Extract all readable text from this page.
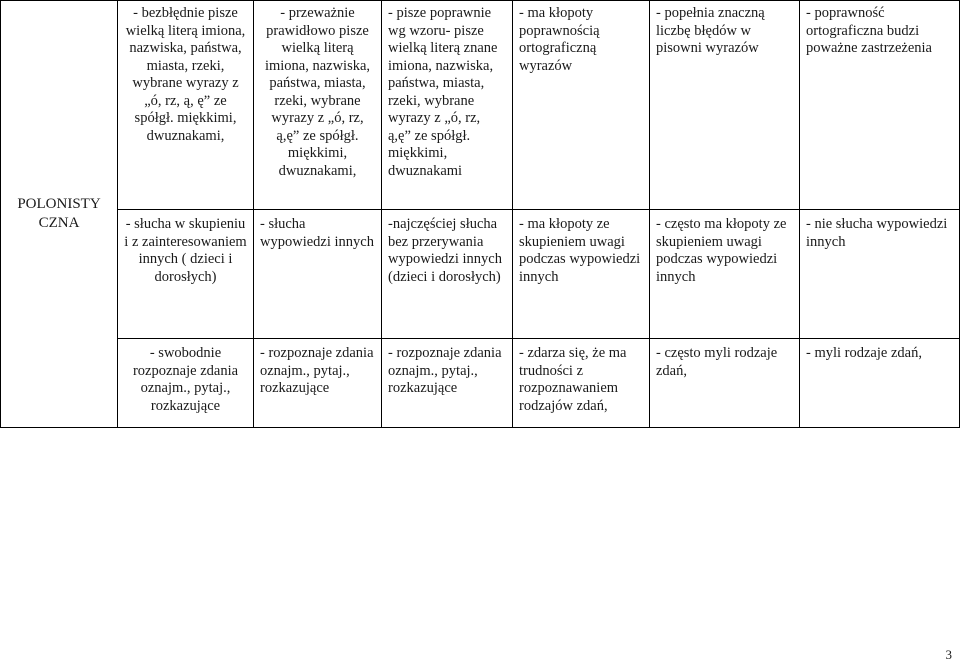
POLONISTY CZNA	- bezbłędnie pisze wielką literą imiona, nazwiska, państwa, miasta, rzeki, wybrane wyrazy z „ó, rz, ą, ę” ze spółgł. miękkimi, dwuznakami,	- przeważnie prawidłowo pisze wielką literą imiona, nazwiska, państwa, miasta, rzeki, wybrane wyrazy z „ó, rz, ą,ę” ze spółgł. miękkimi, dwuznakami,	- pisze poprawnie wg wzoru- pisze wielką literą znane imiona, nazwiska, państwa, miasta, rzeki, wybrane wyrazy z „ó, rz, ą,ę” ze spółgł. miękkimi, dwuznakami	- ma kłopoty poprawnością ortograficzną wyrazów	- popełnia znaczną liczbę błędów w pisowni wyrazów	- poprawność ortograficzna budzi poważne zastrzeżenia
	- słucha w skupieniu i z zainteresowaniem innych ( dzieci i dorosłych)	- słucha wypowiedzi innych	-najczęściej słucha bez przerywania wypowiedzi innych (dzieci i dorosłych)	- ma kłopoty ze skupieniem uwagi podczas wypowiedzi innych	- często ma kłopoty ze skupieniem uwagi podczas wypowiedzi innych	- nie słucha wypowiedzi innych
	- swobodnie rozpoznaje zdania oznajm., pytaj., rozkazujące	- rozpoznaje zdania oznajm., pytaj., rozkazujące	- rozpoznaje zdania oznajm., pytaj., rozkazujące	- zdarza się, że ma trudności z rozpoznawaniem rodzajów zdań,	- często myli rodzaje zdań,	- myli rodzaje zdań,
3
